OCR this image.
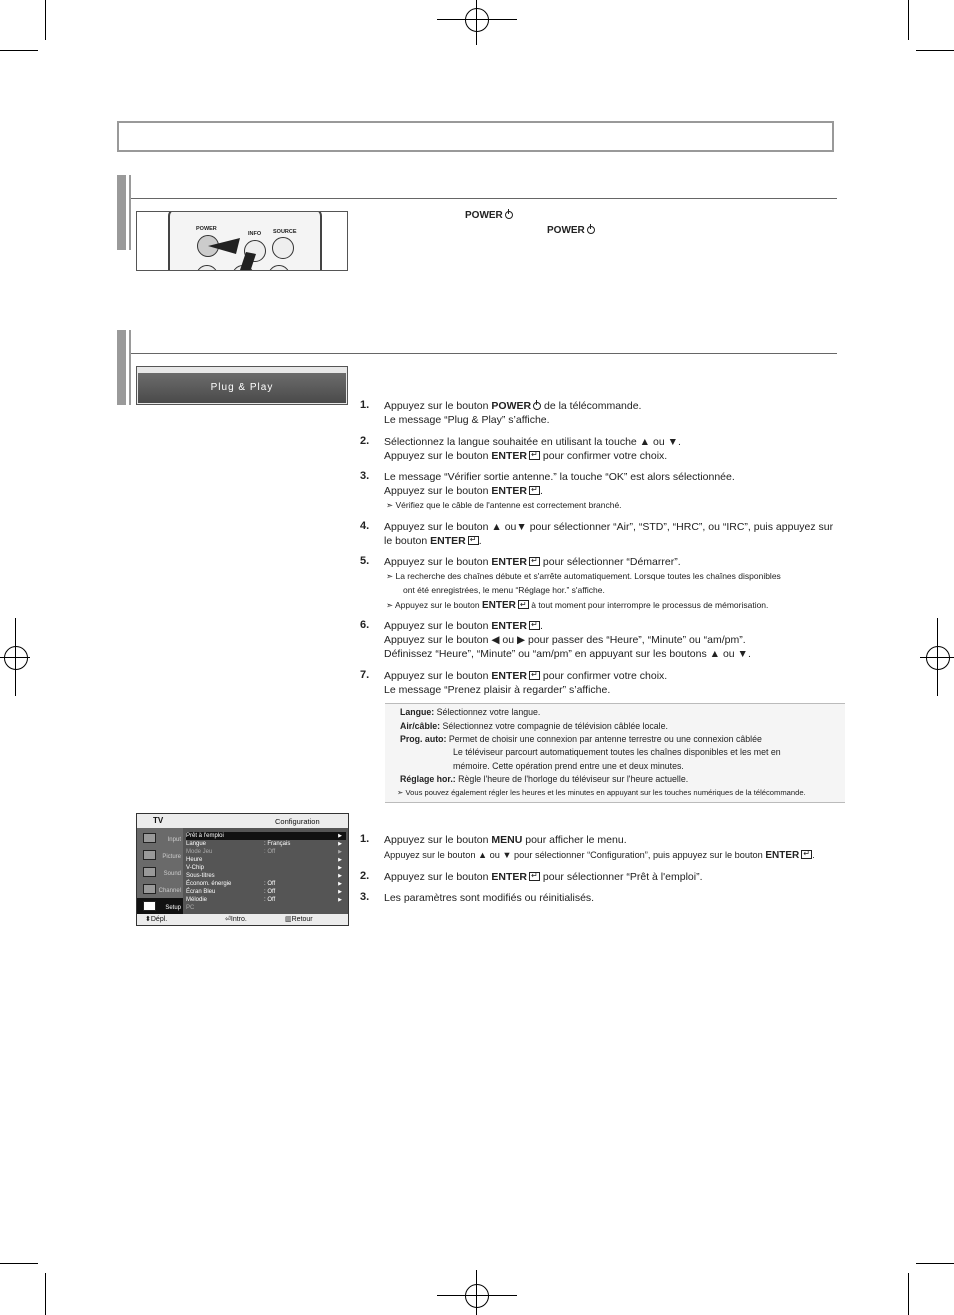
POWER
INFO SOURCE
POWER
POWER
Plug & Play
1. Appuyez sur le bouton POWER de la télécommande.
Le message “Plug & Play” s’affiche.
2. Sélectionnez la langue souhaitée en utilisant la touche ▲ ou ▼.
Appuyez sur le bouton ENTER↵ pour confirmer votre choix.
3. Le message “Vérifier sortie antenne.” la touche “OK” est alors sélectionnée.
Appuyez sur le bouton ENTER ↵ .
➣ Vérifiez que le câble de l'antenne est correctement branché.
4. Appuyez sur le bouton ▲ ou▼ pour sélectionner “Air”, “STD”, “HRC”, ou “IRC”, puis appuyez sur
le bouton ENTER ↵ .
5. Appuyez sur le bouton ENTER↵ pour sélectionner “Démarrer”.
➣ La recherche des chaînes débute et s'arrête automatiquement. Lorsque toutes les chaînes disponibles
ont été enregistrées, le menu “Réglage hor.” s'affiche.
➣ Appuyez sur le bouton ENTER↵ à tout moment pour interrompre le processus de mémorisation.
6. Appuyez sur le bouton ENTER ↵ .
Appuyez sur le bouton ◀ ou ▶ pour passer des “Heure”, “Minute” ou “am/pm”.
Définissez “Heure”, “Minute” ou “am/pm” en appuyant sur les boutons ▲ ou ▼.
7. Appuyez sur le bouton ENTER↵ pour confirmer votre choix.
Le message “Prenez plaisir à regarder” s’affiche.
Langue: Sélectionnez votre langue.
Air/câble: Sélectionnez votre compagnie de télévision câblée locale.
Prog. auto: Permet de choisir une connexion par antenne terrestre ou une connexion câblée
Le téléviseur parcourt automatiquement toutes les chaînes disponibles et les met en
mémoire. Cette opération prend entre une et deux minutes.
Réglage hor.: Règle l'heure de l'horloge du téléviseur sur l'heure actuelle.
➣ Vous pouvez également régler les heures et les minutes en appuyant sur les touches numériques de la télécommande.
TV	Configuration
Input
Picture
Sound
Channel
Setup
Prêt à l'emploi	▶
Langue	: Français	▶
Mode Jeu	: Off	▶
Heure	▶
V-Chip	▶
Sous-titres	▶
Économ. énergie	: Off	▶
Écran Bleu	: Off	▶
Mélodie	: Off	▶
PC
⬍Dépl.	⏎Intro.	▥Retour
1. Appuyez sur le bouton MENU pour afficher le menu.
Appuyez sur le bouton ▲ ou ▼ pour sélectionner “Configuration”, puis appuyez sur le bouton ENTER ↵ .
2. Appuyez sur le bouton ENTER↵ pour sélectionner “Prêt à l'emploi”.
3. Les paramètres sont modifiés ou réinitialisés.
